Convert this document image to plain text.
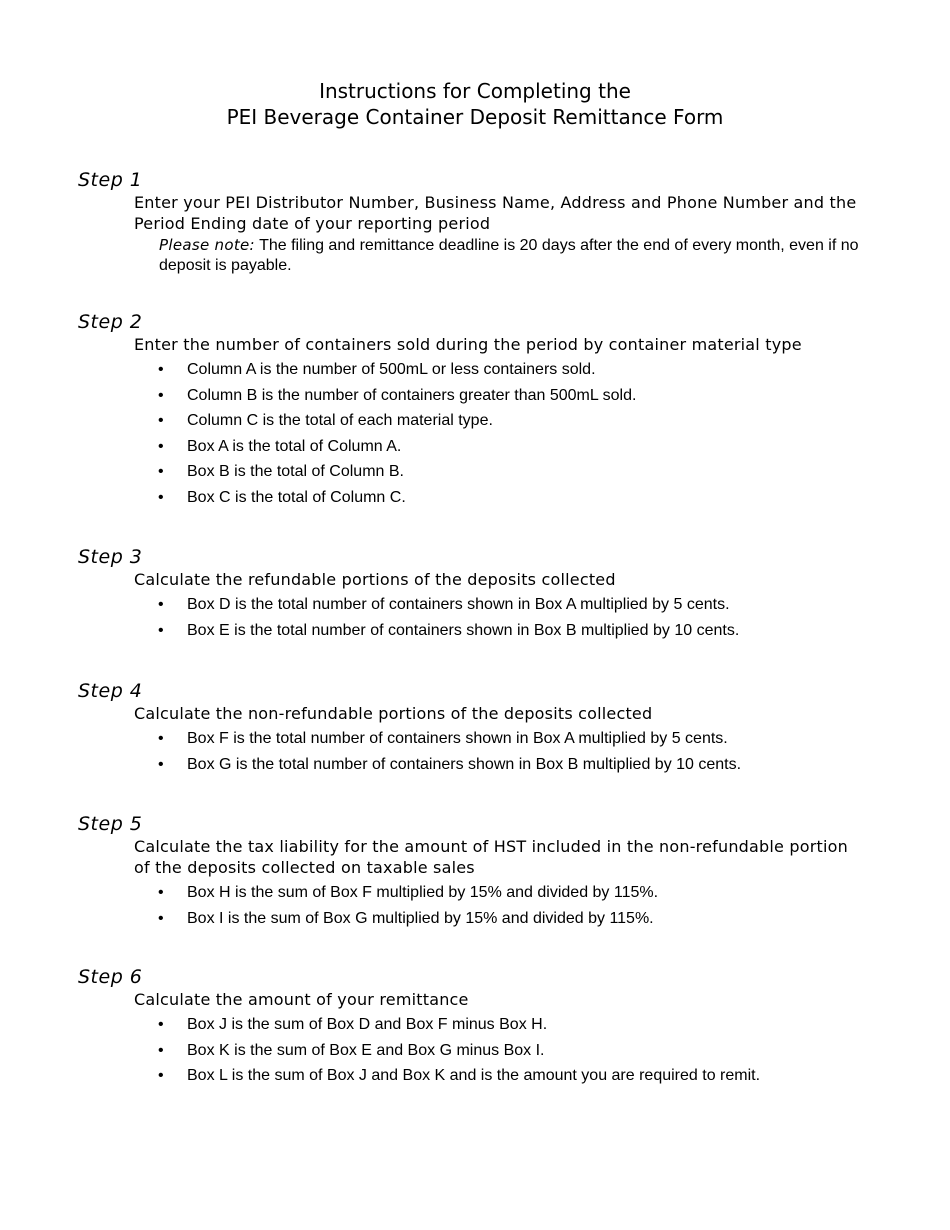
Instructions for Completing the
PEI Beverage Container Deposit Remittance Form
Step 1
Enter your PEI Distributor Number, Business Name, Address and Phone Number and the Period Ending date of your reporting period
Please note: The filing and remittance deadline is 20 days after the end of every month, even if no deposit is payable.
Step 2
Enter the number of containers sold during the period by container material type
• Column A is the number of 500mL or less containers sold.
• Column B is the number of containers greater than 500mL sold.
• Column C is the total of each material type.
• Box A is the total of Column A.
• Box B is the total of Column B.
• Box C is the total of Column C.
Step 3
Calculate the refundable portions of the deposits collected
• Box D is the total number of containers shown in Box A multiplied by 5 cents.
• Box E is the total number of containers shown in Box B multiplied by 10 cents.
Step 4
Calculate the non-refundable portions of the deposits collected
• Box F is the total number of containers shown in Box A multiplied by 5 cents.
• Box G is the total number of containers shown in Box B multiplied by 10 cents.
Step 5
Calculate the tax liability for the amount of HST included in the non-refundable portion of the deposits collected on taxable sales
• Box H is the sum of Box F multiplied by 15% and divided by 115%.
• Box I is the sum of Box G multiplied by 15% and divided by 115%.
Step 6
Calculate the amount of your remittance
• Box J is the sum of Box D and Box F minus Box H.
• Box K is the sum of Box E and Box G minus Box I.
• Box L is the sum of Box J and Box K and is the amount you are required to remit.
